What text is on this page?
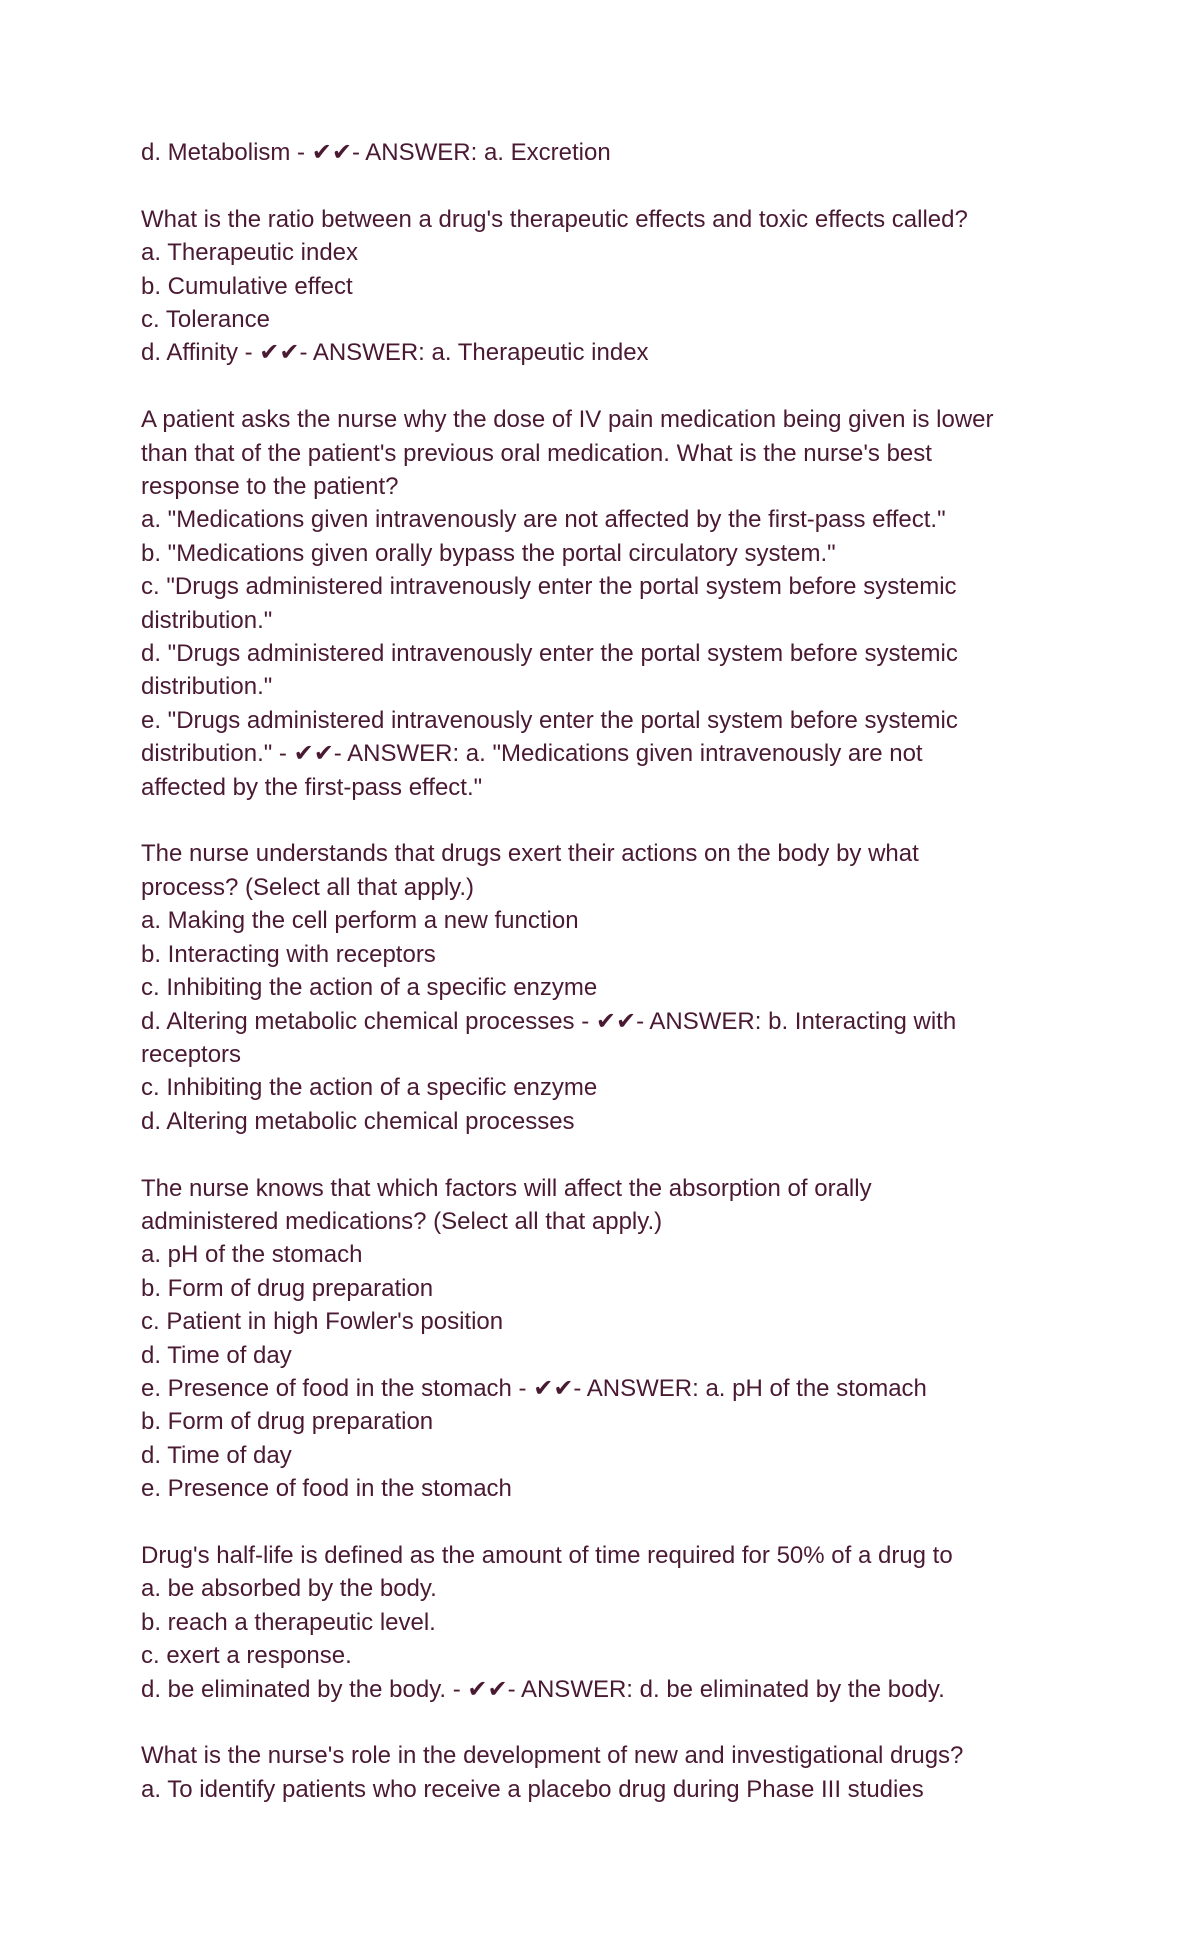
d. Metabolism - ✔✔- ANSWER: a. Excretion
What is the ratio between a drug's therapeutic effects and toxic effects called?
a. Therapeutic index
b. Cumulative effect
c. Tolerance
d. Affinity - ✔✔- ANSWER: a. Therapeutic index
A patient asks the nurse why the dose of IV pain medication being given is lower
than that of the patient's previous oral medication. What is the nurse's best
response to the patient?
a. "Medications given intravenously are not affected by the first-pass effect."
b. "Medications given orally bypass the portal circulatory system."
c. "Drugs administered intravenously enter the portal system before systemic
distribution."
d. "Drugs administered intravenously enter the portal system before systemic
distribution."
e. "Drugs administered intravenously enter the portal system before systemic
distribution." - ✔✔- ANSWER: a. "Medications given intravenously are not
affected by the first-pass effect."
The nurse understands that drugs exert their actions on the body by what
process? (Select all that apply.)
a. Making the cell perform a new function
b. Interacting with receptors
c. Inhibiting the action of a specific enzyme
d. Altering metabolic chemical processes - ✔✔- ANSWER: b. Interacting with
receptors
c. Inhibiting the action of a specific enzyme
d. Altering metabolic chemical processes
The nurse knows that which factors will affect the absorption of orally
administered medications? (Select all that apply.)
a. pH of the stomach
b. Form of drug preparation
c. Patient in high Fowler's position
d. Time of day
e. Presence of food in the stomach - ✔✔- ANSWER: a. pH of the stomach
b. Form of drug preparation
d. Time of day
e. Presence of food in the stomach
Drug's half-life is defined as the amount of time required for 50% of a drug to
a. be absorbed by the body.
b. reach a therapeutic level.
c. exert a response.
d. be eliminated by the body. - ✔✔- ANSWER: d. be eliminated by the body.
What is the nurse's role in the development of new and investigational drugs?
a. To identify patients who receive a placebo drug during Phase III studies
